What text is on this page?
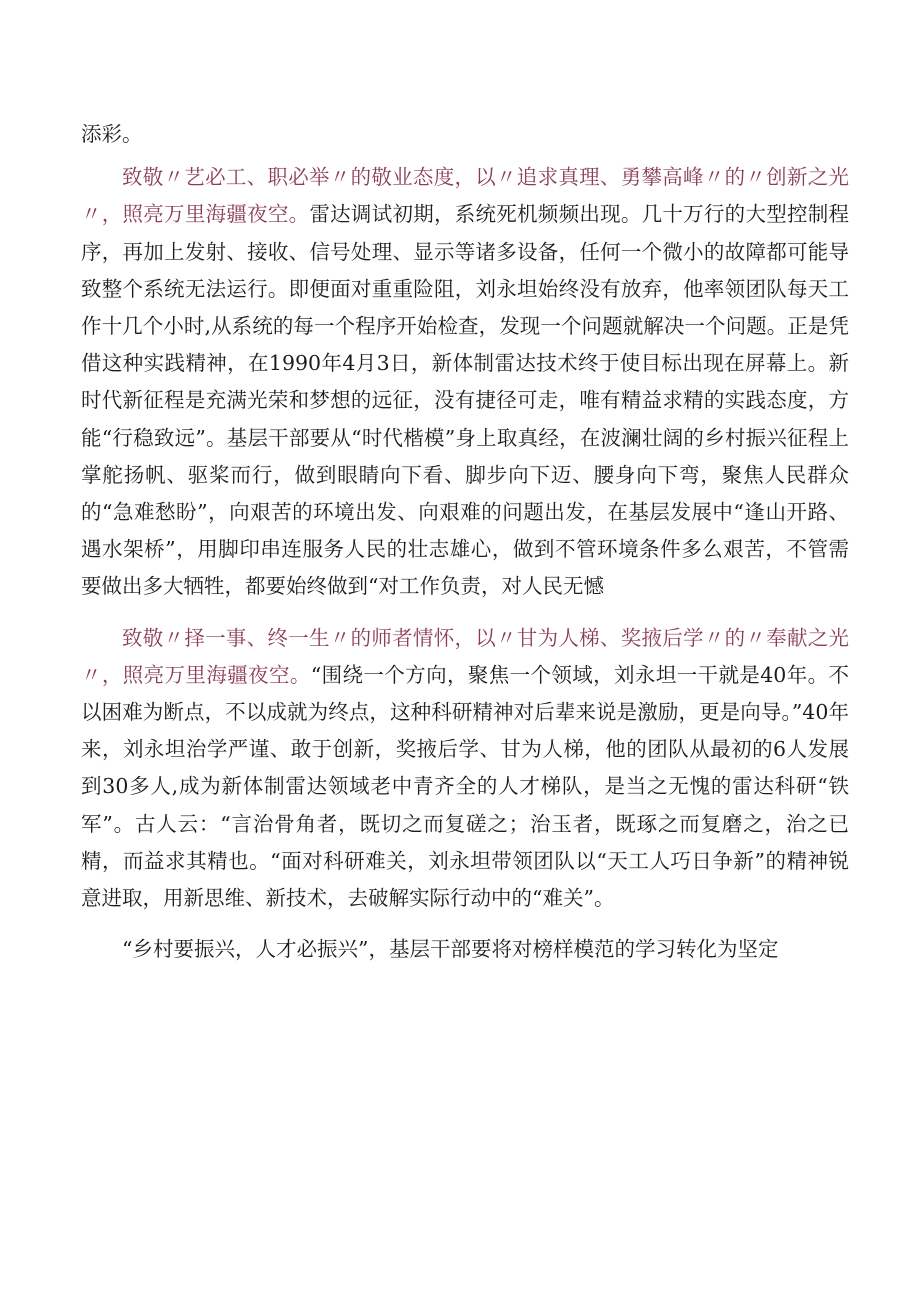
添彩。

致敬〃艺必工、职必举〃的敬业态度，以〃追求真理、勇攀高峰〃的〃创新之光〃，照亮万里海疆夜空。雷达调试初期，系统死机频频出现。几十万行的大型控制程序，再加上发射、接收、信号处理、显示等诸多设备，任何一个微小的故障都可能导致整个系统无法运行。即便面对重重险阻，刘永坦始终没有放弃，他率领团队每天工作十几个小时,从系统的每一个程序开始检查，发现一个问题就解决一个问题。正是凭借这种实践精神，在1990年4月3日，新体制雷达技术终于使目标出现在屏幕上。新时代新征程是充满光荣和梦想的远征，没有捷径可走，唯有精益求精的实践态度，方能“行稳致远”。基层干部要从“时代楷模”身上取真经，在波澜壮阔的乡村振兴征程上掌舵扬帆、驱桨而行，做到眼睛向下看、脚步向下迈、腰身向下弯，聚焦人民群众的“急难愁盼”，向艰苦的环境出发、向艰难的问题出发，在基层发展中“逢山开路、遇水架桥”，用脚印串连服务人民的壮志雄心，做到不管环境条件多么艰苦，不管需要做出多大牺牲，都要始终做到“对工作负责，对人民无憾

致敬〃择一事、终一生〃的师者情怀，以〃甘为人梯、奖掖后学〃的〃奉献之光〃，照亮万里海疆夜空。“围绕一个方向，聚焦一个领域，刘永坦一干就是40年。不以困难为断点，不以成就为终点，这种科研精神对后辈来说是激励，更是向导。”40年来，刘永坦治学严谨、敢于创新，奖掖后学、甘为人梯，他的团队从最初的6人发展到30多人,成为新体制雷达领域老中青齐全的人才梯队，是当之无愧的雷达科研“铁军”。古人云：“言治骨角者，既切之而复磋之；治玉者，既琢之而复磨之，治之已精，而益求其精也。“面对科研难关，刘永坦带领团队以“天工人巧日争新”的精神锐意进取，用新思维、新技术，去破解实际行动中的“难关”。

“乡村要振兴，人才必振兴”，基层干部要将对榜样模范的学习转化为坚定
